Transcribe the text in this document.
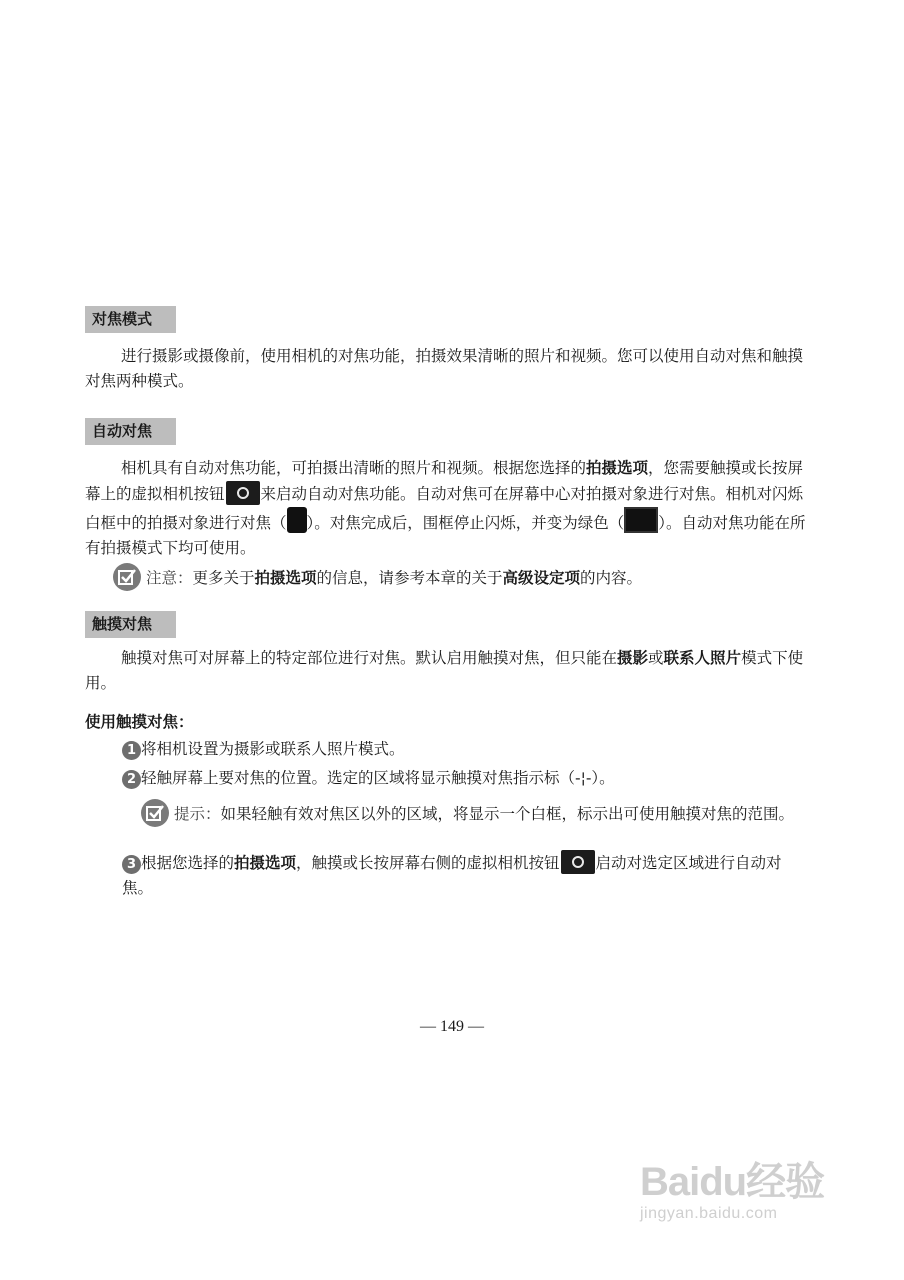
对焦模式
进行摄影或摄像前，使用相机的对焦功能，拍摄效果清晰的照片和视频。您可以使用自动对焦和触摸对焦两种模式。
自动对焦
相机具有自动对焦功能，可拍摄出清晰的照片和视频。根据您选择的拍摄选项，您需要触摸或长按屏幕上的虚拟相机按钮 来启动自动对焦功能。自动对焦可在屏幕中心对拍摄对象进行对焦。相机对闪烁白框中的拍摄对象进行对焦（ ）。对焦完成后，围框停止闪烁，并变为绿色（ ）。自动对焦功能在所有拍摄模式下均可使用。
注意：更多关于拍摄选项的信息，请参考本章的关于高级设定项的内容。
触摸对焦
触摸对焦可对屏幕上的特定部位进行对焦。默认启用触摸对焦，但只能在摄影或联系人照片模式下使用。
使用触摸对焦：
1 将相机设置为摄影或联系人照片模式。
2 轻触屏幕上要对焦的位置。选定的区域将显示触摸对焦指示标（-¦-）。
提示：如果轻触有效对焦区以外的区域，将显示一个白框，标示出可使用触摸对焦的范围。
3 根据您选择的拍摄选项，触摸或长按屏幕右侧的虚拟相机按钮 启动对选定区域进行自动对焦。
— 149 —
Baidu经验
jingyan.baidu.com
